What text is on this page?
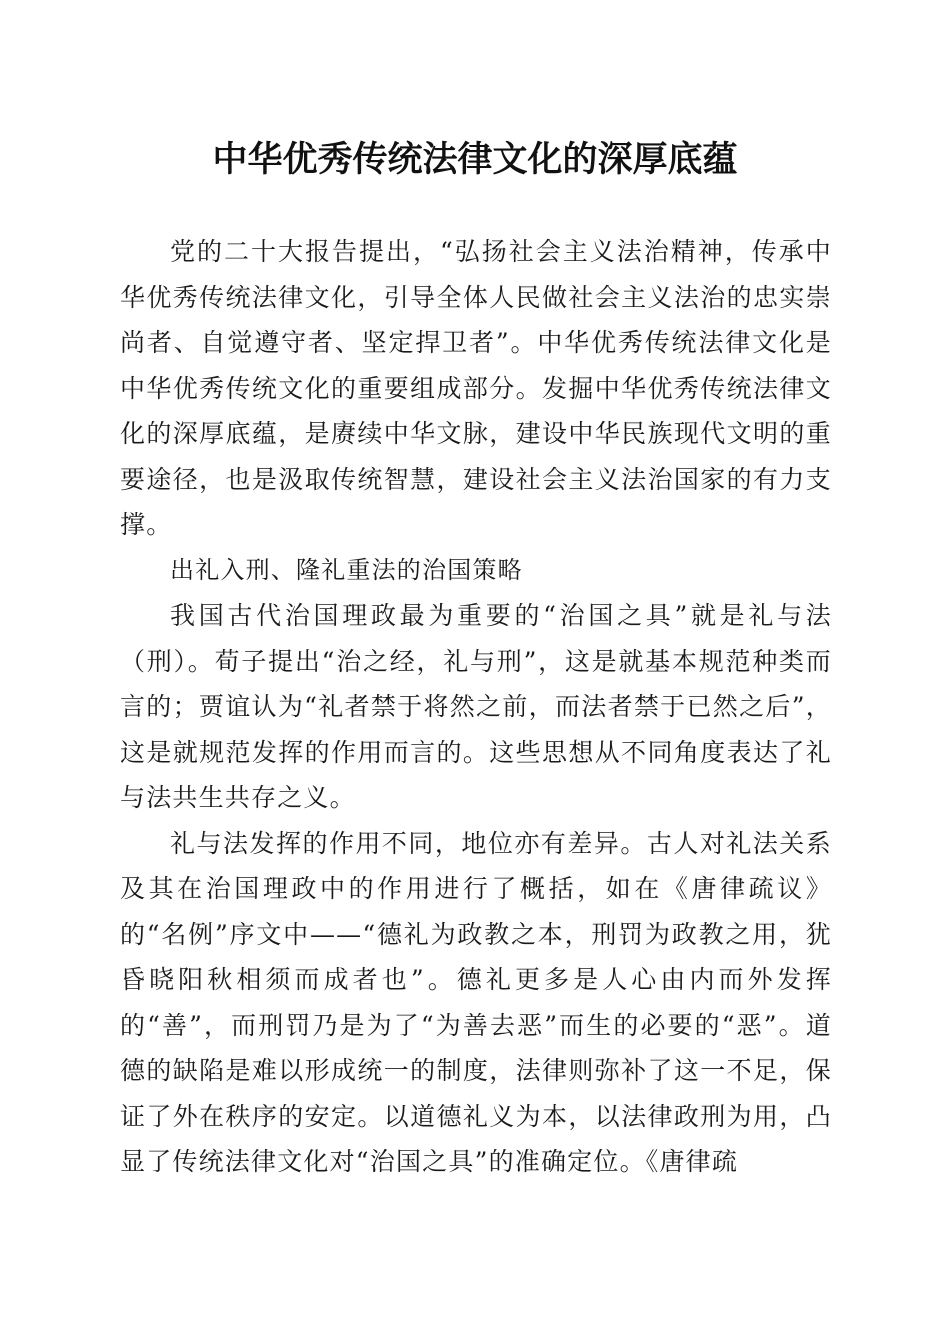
中华优秀传统法律文化的深厚底蕴

党的二十大报告提出，“弘扬社会主义法治精神，传承中华优秀传统法律文化，引导全体人民做社会主义法治的忠实崇尚者、自觉遵守者、坚定捍卫者”。中华优秀传统法律文化是中华优秀传统文化的重要组成部分。发掘中华优秀传统法律文化的深厚底蕴，是赓续中华文脉，建设中华民族现代文明的重要途径，也是汲取传统智慧，建设社会主义法治国家的有力支撑。

出礼入刑、隆礼重法的治国策略

我国古代治国理政最为重要的“治国之具”就是礼与法（刑）。荀子提出“治之经，礼与刑”，这是就基本规范种类而言的；贾谊认为“礼者禁于将然之前，而法者禁于已然之后”，这是就规范发挥的作用而言的。这些思想从不同角度表达了礼与法共生共存之义。

礼与法发挥的作用不同，地位亦有差异。古人对礼法关系及其在治国理政中的作用进行了概括，如在《唐律疏议》的“名例”序文中——“德礼为政教之本，刑罚为政教之用，犹昏晓阳秋相须而成者也”。德礼更多是人心由内而外发挥的“善”，而刑罚乃是为了“为善去恶”而生的必要的“恶”。道德的缺陷是难以形成统一的制度，法律则弥补了这一不足，保证了外在秩序的安定。以道德礼义为本，以法律政刑为用，凸显了传统法律文化对“治国之具”的准确定位。《唐律疏
